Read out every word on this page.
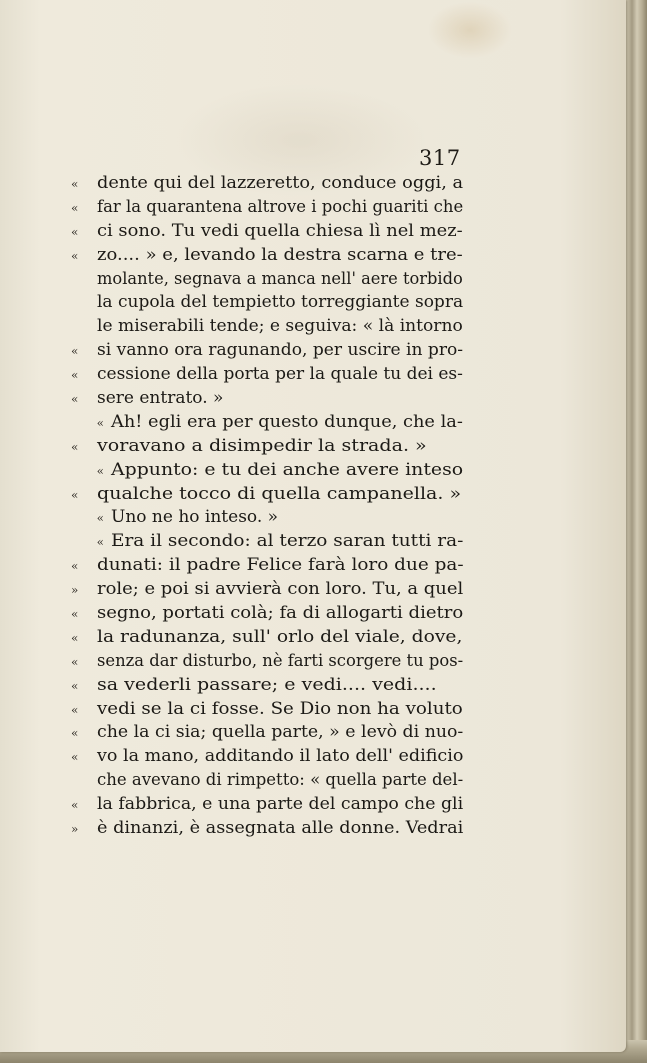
317
«	dente qui del lazzeretto, conduce oggi, a
«	far la quarantena altrove i pochi guariti che
«	ci sono. Tu vedi quella chiesa lì nel mez-
«	zo.... » e, levando la destra scarna e tre-
molante, segnava a manca nell' aere torbido
la cupola del tempietto torreggiante sopra
le miserabili tende; e seguiva: « là intorno
«	si vanno ora ragunando, per uscire in pro-
«	cessione della porta per la quale tu dei es-
«	sere entrato. »
« Ah! egli era per questo dunque, che la-
«	voravano a disimpedir la strada. »
« Appunto: e tu dei anche avere inteso
«	qualche tocco di quella campanella. »
« Uno ne ho inteso. »
« Era il secondo: al terzo saran tutti ra-
«	dunati: il padre Felice farà loro due pa-
»	role; e poi si avvierà con loro. Tu, a quel
«	segno, portati colà; fa di allogarti dietro
«	la radunanza, sull' orlo del viale, dove,
«	senza dar disturbo, nè farti scorgere tu pos-
«	sa vederli passare; e vedi.... vedi....
«	vedi se la ci fosse. Se Dio non ha voluto
«	che la ci sia; quella parte, » e levò di nuo-
«	vo la mano, additando il lato dell' edificio
che avevano di rimpetto: « quella parte del-
«	la fabbrica, e una parte del campo che gli
»	è dinanzi, è assegnata alle donne. Vedrai
